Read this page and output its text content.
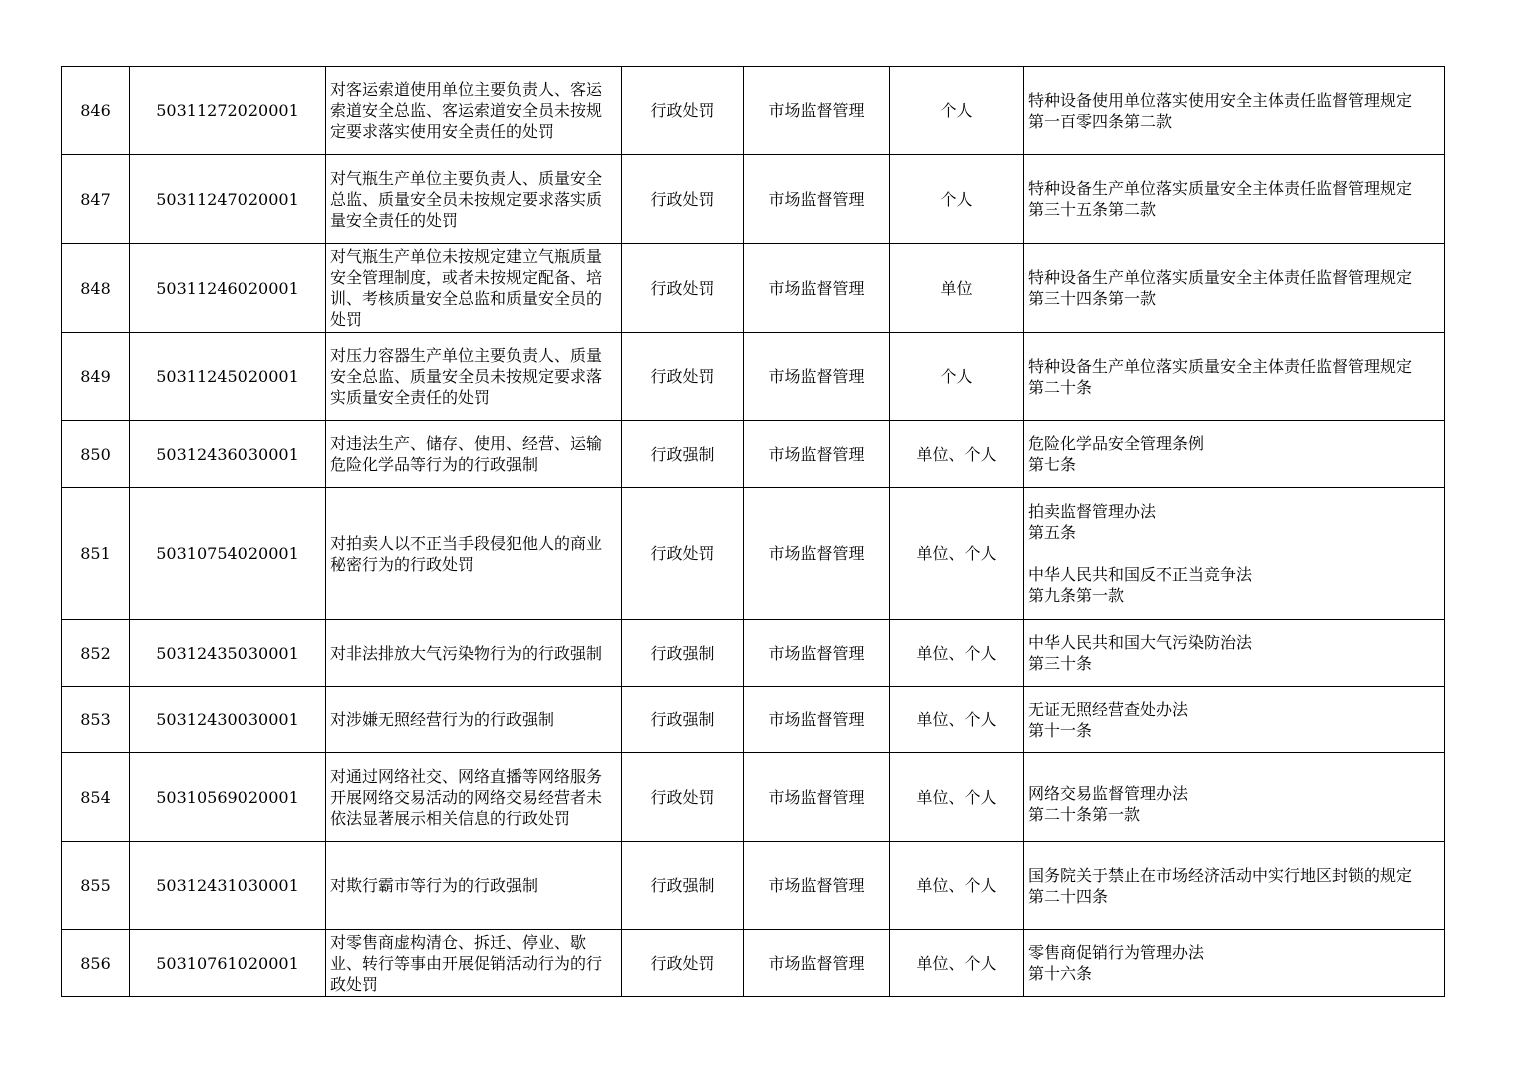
846	50311272020001	对客运索道使用单位主要负责人、客运索道安全总监、客运索道安全员未按规定要求落实使用安全责任的处罚	行政处罚	市场监督管理	个人	特种设备使用单位落实使用安全主体责任监督管理规定
第一百零四条第二款

847	50311247020001	对气瓶生产单位主要负责人、质量安全总监、质量安全员未按规定要求落实质量安全责任的处罚	行政处罚	市场监督管理	个人	特种设备生产单位落实质量安全主体责任监督管理规定
第三十五条第二款

848	50311246020001	对气瓶生产单位未按规定建立气瓶质量安全管理制度，或者未按规定配备、培训、考核质量安全总监和质量安全员的处罚	行政处罚	市场监督管理	单位	特种设备生产单位落实质量安全主体责任监督管理规定
第三十四条第一款

849	50311245020001	对压力容器生产单位主要负责人、质量安全总监、质量安全员未按规定要求落实质量安全责任的处罚	行政处罚	市场监督管理	个人	特种设备生产单位落实质量安全主体责任监督管理规定
第二十条

850	50312436030001	对违法生产、储存、使用、经营、运输危险化学品等行为的行政强制	行政强制	市场监督管理	单位、个人	危险化学品安全管理条例
第七条

851	50310754020001	对拍卖人以不正当手段侵犯他人的商业秘密行为的行政处罚	行政处罚	市场监督管理	单位、个人	拍卖监督管理办法
第五条
中华人民共和国反不正当竞争法
第九条第一款

852	50312435030001	对非法排放大气污染物行为的行政强制	行政强制	市场监督管理	单位、个人	中华人民共和国大气污染防治法
第三十条

853	50312430030001	对涉嫌无照经营行为的行政强制	行政强制	市场监督管理	单位、个人	无证无照经营查处办法
第十一条

854	50310569020001	对通过网络社交、网络直播等网络服务开展网络交易活动的网络交易经营者未依法显著展示相关信息的行政处罚	行政处罚	市场监督管理	单位、个人	网络交易监督管理办法
第二十条第一款

855	50312431030001	对欺行霸市等行为的行政强制	行政强制	市场监督管理	单位、个人	国务院关于禁止在市场经济活动中实行地区封锁的规定
第二十四条

856	50310761020001	对零售商虚构清仓、拆迁、停业、歇业、转行等事由开展促销活动行为的行政处罚	行政处罚	市场监督管理	单位、个人	零售商促销行为管理办法
第十六条
